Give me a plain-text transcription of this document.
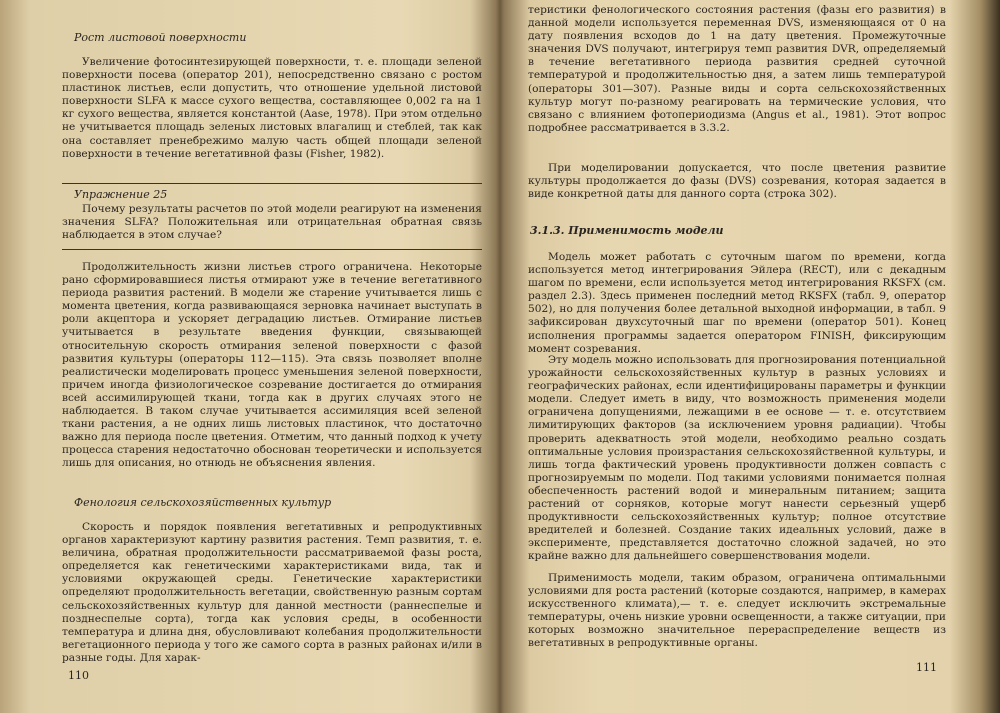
Рост листовой поверхности

Увеличение фотосинтезирующей поверхности, т. е. площади зеленой поверхности посева (оператор 201), непосредственно связано с ростом пластинок листьев, если допустить, что отношение удельной листовой поверхности SLFA к массе сухого вещества, составляющее 0,002 га на 1 кг сухого вещества, является константой (Aase, 1978). При этом отдельно не учитывается площадь зеленых листовых влагалищ и стеблей, так как она составляет пренебрежимо малую часть общей площади зеленой поверхности в течение вегетативной фазы (Fisher, 1982).

Упражнение 25

Почему результаты расчетов по этой модели реагируют на изменения значения SLFA? Положительная или отрицательная обратная связь наблюдается в этом случае?

Продолжительность жизни листьев строго ограничена. Некоторые рано сформировавшиеся листья отмирают уже в течение вегетативного периода развития растений. В модели же старение учитывается лишь с момента цветения, когда развивающаяся зерновка начинает выступать в роли акцептора и ускоряет деградацию листьев. Отмирание листьев учитывается в результате введения функции, связывающей относительную скорость отмирания зеленой поверхности с фазой развития культуры (операторы 112—115). Эта связь позволяет вполне реалистически моделировать процесс уменьшения зеленой поверхности, причем иногда физиологическое созревание достигается до отмирания всей ассимилирующей ткани, тогда как в других случаях этого не наблюдается. В таком случае учитывается ассимиляция всей зеленой ткани растения, а не одних лишь листовых пластинок, что достаточно важно для периода после цветения. Отметим, что данный подход к учету процесса старения недостаточно обоснован теоретически и используется лишь для описания, но отнюдь не объяснения явления.

Фенология сельскохозяйственных культур

Скорость и порядок появления вегетативных и репродуктивных органов характеризуют картину развития растения. Темп развития, т. е. величина, обратная продолжительности рассматриваемой фазы роста, определяется как генетическими характеристиками вида, так и условиями окружающей среды. Генетические характеристики определяют продолжительность вегетации, свойственную разным сортам сельскохозяйственных культур для данной местности (раннеспелые и позднеспелые сорта), тогда как условия среды, в особенности температура и длина дня, обусловливают колебания продолжительности вегетационного периода у того же самого сорта в разных районах и/или в разные годы. Для харак-

110

теристики фенологического состояния растения (фазы его развития) в данной модели используется переменная DVS, изменяющаяся от 0 на дату появления всходов до 1 на дату цветения. Промежуточные значения DVS получают, интегрируя темп развития DVR, определяемый в течение вегетативного периода развития средней суточной температурой и продолжительностью дня, а затем лишь температурой (операторы 301—307). Разные виды и сорта сельскохозяйственных культур могут по-разному реагировать на термические условия, что связано с влиянием фотопериодизма (Angus et al., 1981). Этот вопрос подробнее рассматривается в 3.3.2.

При моделировании допускается, что после цветения развитие культуры продолжается до фазы (DVS) созревания, которая задается в виде конкретной даты для данного сорта (строка 302).

3.1.3. Применимость модели

Модель может работать с суточным шагом по времени, когда используется метод интегрирования Эйлера (RECT), или с декадным шагом по времени, если используется метод интегрирования RKSFX (см. раздел 2.3). Здесь применен последний метод RKSFX (табл. 9, оператор 502), но для получения более детальной выходной информации, в табл. 9 зафиксирован двухсуточный шаг по времени (оператор 501). Конец исполнения программы задается оператором FINISH, фиксирующим момент созревания.

Эту модель можно использовать для прогнозирования потенциальной урожайности сельскохозяйственных культур в разных условиях и географических районах, если идентифицированы параметры и функции модели. Следует иметь в виду, что возможность применения модели ограничена допущениями, лежащими в ее основе — т. е. отсутствием лимитирующих факторов (за исключением уровня радиации). Чтобы проверить адекватность этой модели, необходимо реально создать оптимальные условия произрастания сельскохозяйственной культуры, и лишь тогда фактический уровень продуктивности должен совпасть с прогнозируемым по модели. Под такими условиями понимается полная обеспеченность растений водой и минеральным питанием; защита растений от сорняков, которые могут нанести серьезный ущерб продуктивности сельскохозяйственных культур; полное отсутствие вредителей и болезней. Создание таких идеальных условий, даже в эксперименте, представляется достаточно сложной задачей, но это крайне важно для дальнейшего совершенствования модели.

Применимость модели, таким образом, ограничена оптимальными условиями для роста растений (которые создаются, например, в камерах искусственного климата),— т. е. следует исключить экстремальные температуры, очень низкие уровни освещенности, а также ситуации, при которых возможно значительное перераспределение веществ из вегетативных в репродуктивные органы.

111
